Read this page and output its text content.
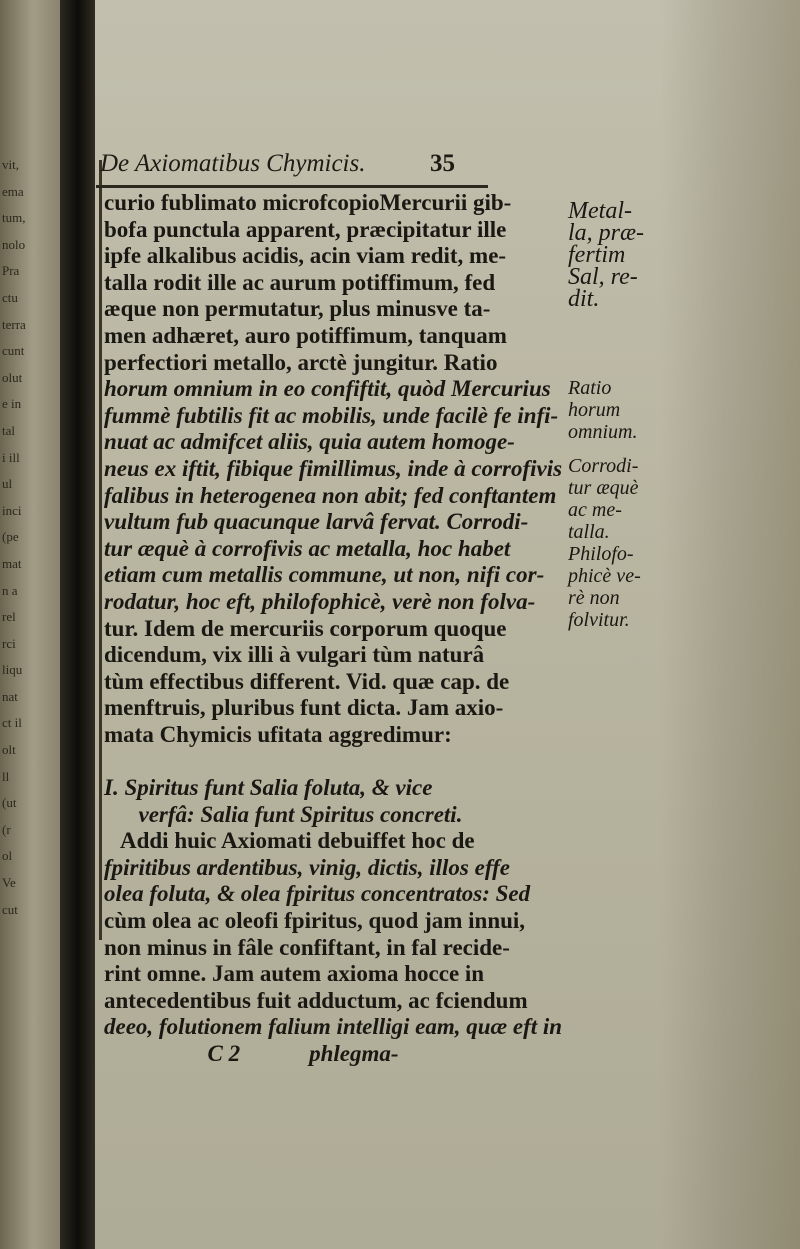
vit,
ema
tum,
nolo
Pra
ctu
terra
cunt
olut
e in
tal
i ill
ul
inci
(pe
mat
n a
rel
rci
liqu
nat
ct il
olt
ll
(ut
(r
ol
Ve
cut
De Axiomatibus Chymicis.	35
curio fublimato microfcopioMercurii gib-
bofa punctula apparent, præcipitatur ille
ipfe alkalibus acidis, acin viam redit, me-
talla rodit ille ac aurum potiffimum, fed
æque non permutatur, plus minusve ta-
men adhæret, auro potiffimum, tanquam
perfectiori metallo, arctè jungitur. Ratio
horum omnium in eo confiftit, quòd Mercurius
fummè fubtilis fit ac mobilis, unde facilè fe infi-
nuat ac admifcet aliis, quia autem homoge-
neus ex iftit, fibique fimillimus, inde à corrofivis
falibus in heterogenea non abit; fed conftantem
vultum fub quacunque larvâ fervat. Corrodi-
tur æquè à corrofivis ac metalla, hoc habet
etiam cum metallis commune, ut non, nifi cor-
rodatur, hoc eft, philofophicè, verè non folva-
tur. Idem de mercuriis corporum quoque
dicendum, vix illi à vulgari tùm naturâ
tùm effectibus different. Vid. quæ cap. de
menftruis, pluribus funt dicta. Jam axio-
mata Chymicis ufitata aggredimur:
I. Spiritus funt Salia foluta, & vice
verfâ: Salia funt Spiritus concreti.
Addi huic Axiomati debuiffet hoc de
fpiritibus ardentibus, vinig, dictis, illos effe
olea foluta, & olea fpiritus concentratos: Sed
cùm olea ac oleofi fpiritus, quod jam innui,
non minus in fâle confiftant, in fal recide-
rint omne. Jam autem axioma hocce in
antecedentibus fuit adductum, ac fciendum
deeo, folutionem falium intelligi eam, quæ eft in
C 2            phlegma-
Metal-
la, præ-
fertim
Sal, re-
dit.
Ratio
horum
omnium.
Corrodi-
tur æquè
ac me-
talla.
Philofo-
phicè ve-
rè non
folvitur.
